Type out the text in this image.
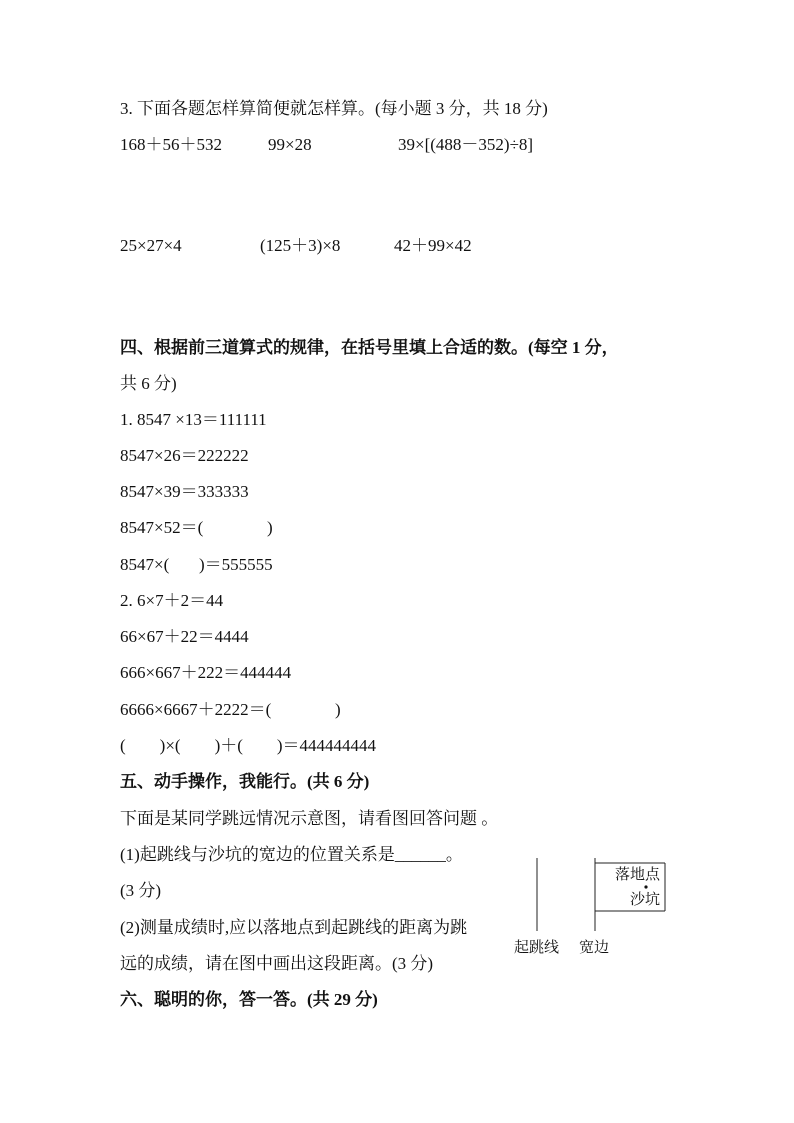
3. 下面各题怎样算简便就怎样算。(每小题 3 分，共 18 分)
168＋56＋532	99×28	39×[(488－352)÷8]
25×27×4	(125＋3)×8	42＋99×42
四、根据前三道算式的规律，在括号里填上合适的数。(每空 1 分，
共 6 分)
1. 8547 ×13＝111111
8547×26＝222222
8547×39＝333333
8547×52＝(               )
8547×(       )＝555555
2. 6×7＋2＝44
66×67＋22＝4444
666×667＋222＝444444
6666×6667＋2222＝(               )
(        )×(        )＋(        )＝444444444
五、动手操作，我能行。(共 6 分)
下面是某同学跳远情况示意图，请看图回答问题 。
(1)起跳线与沙坑的宽边的位置关系是______。
(3 分)
(2)测量成绩时,应以落地点到起跳线的距离为跳
远的成绩，请在图中画出这段距离。(3 分)
落地点
沙坑
起跳线 宽边
六、聪明的你，答一答。(共 29 分)
